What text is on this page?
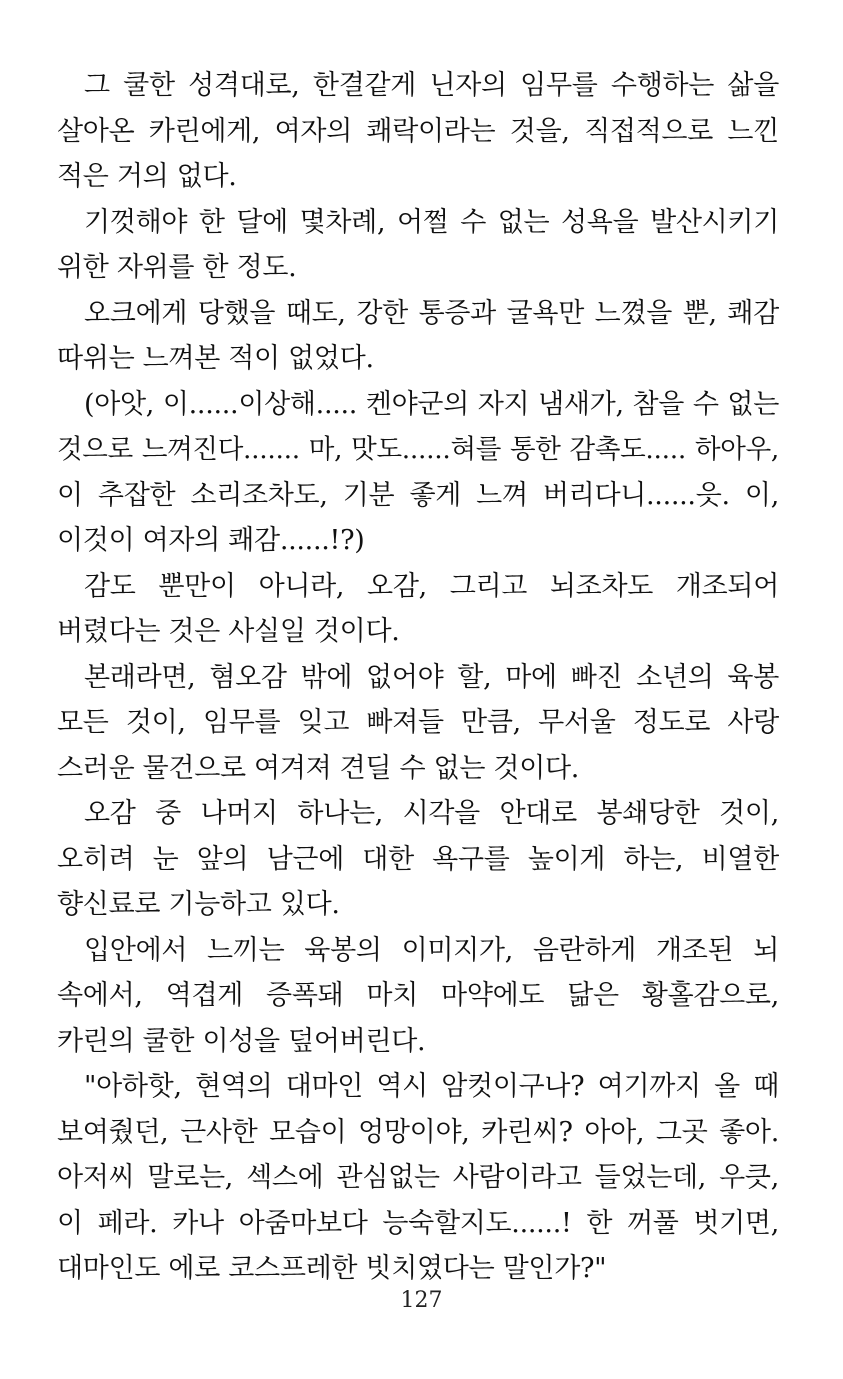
그 쿨한 성격대로, 한결같게 닌자의 임무를 수행하는 삶을
살아온 카린에게, 여자의 쾌락이라는 것을, 직접적으로 느낀
적은 거의 없다.
기껏해야 한 달에 몇차례, 어쩔 수 없는 성욕을 발산시키기
위한 자위를 한 정도.
오크에게 당했을 때도, 강한 통증과 굴욕만 느꼈을 뿐, 쾌감
따위는 느껴본 적이 없었다.
(아앗, 이......이상해..... 켄야군의 자지 냄새가, 참을 수 없는
것으로 느껴진다....... 마, 맛도......혀를 통한 감촉도..... 하아우,
이 추잡한 소리조차도, 기분 좋게 느껴 버리다니......읏. 이,
이것이 여자의 쾌감......!?)
감도 뿐만이 아니라, 오감, 그리고 뇌조차도 개조되어
버렸다는 것은 사실일 것이다.
본래라면, 혐오감 밖에 없어야 할, 마에 빠진 소년의 육봉
모든 것이, 임무를 잊고 빠져들 만큼, 무서울 정도로 사랑
스러운 물건으로 여겨져 견딜 수 없는 것이다.
오감 중 나머지 하나는, 시각을 안대로 봉쇄당한 것이,
오히려 눈 앞의 남근에 대한 욕구를 높이게 하는, 비열한
향신료로 기능하고 있다.
입안에서 느끼는 육봉의 이미지가, 음란하게 개조된 뇌
속에서, 역겹게 증폭돼 마치 마약에도 닮은 황홀감으로,
카린의 쿨한 이성을 덮어버린다.
"아하핫, 현역의 대마인 역시 암컷이구나? 여기까지 올 때
보여줬던, 근사한 모습이 엉망이야, 카린씨? 아아, 그곳 좋아.
아저씨 말로는, 섹스에 관심없는 사람이라고 들었는데, 우큿,
이 페라. 카나 아줌마보다 능숙할지도......! 한 꺼풀 벗기면,
대마인도 에로 코스프레한 빗치였다는 말인가?"
127
